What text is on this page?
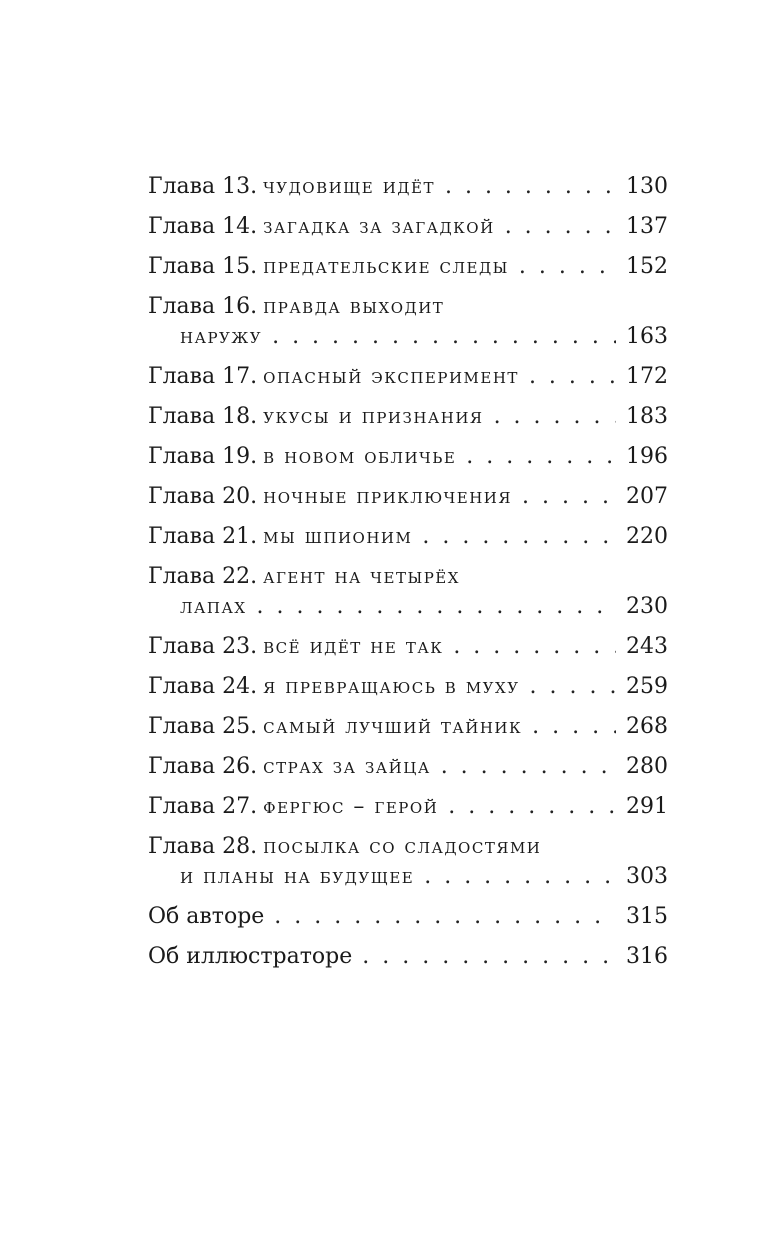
Глава 13. чудовище идёт . . .	130
Глава 14. загадка за загадкой . . .	137
Глава 15. предательские следы . . .	152
Глава 16. правда выходит
наружу . . .	163
Глава 17. опасный эксперимент . . .	172
Глава 18. укусы и признания . . .	183
Глава 19. в новом обличье . . .	196
Глава 20. ночные приключения . . .	207
Глава 21. мы шпионим . . .	220
Глава 22. агент на четырёх
лапах . . .	230
Глава 23. всё идёт не так . . .	243
Глава 24. я превращаюсь в муху . . .	259
Глава 25. самый лучший тайник . . .	268
Глава 26. страх за зайца . . .	280
Глава 27. фергюс – герой . . .	291
Глава 28. посылка со сладостями
и планы на будущее . . .	303
Об авторе . . .	315
Об иллюстраторе . . .	316
